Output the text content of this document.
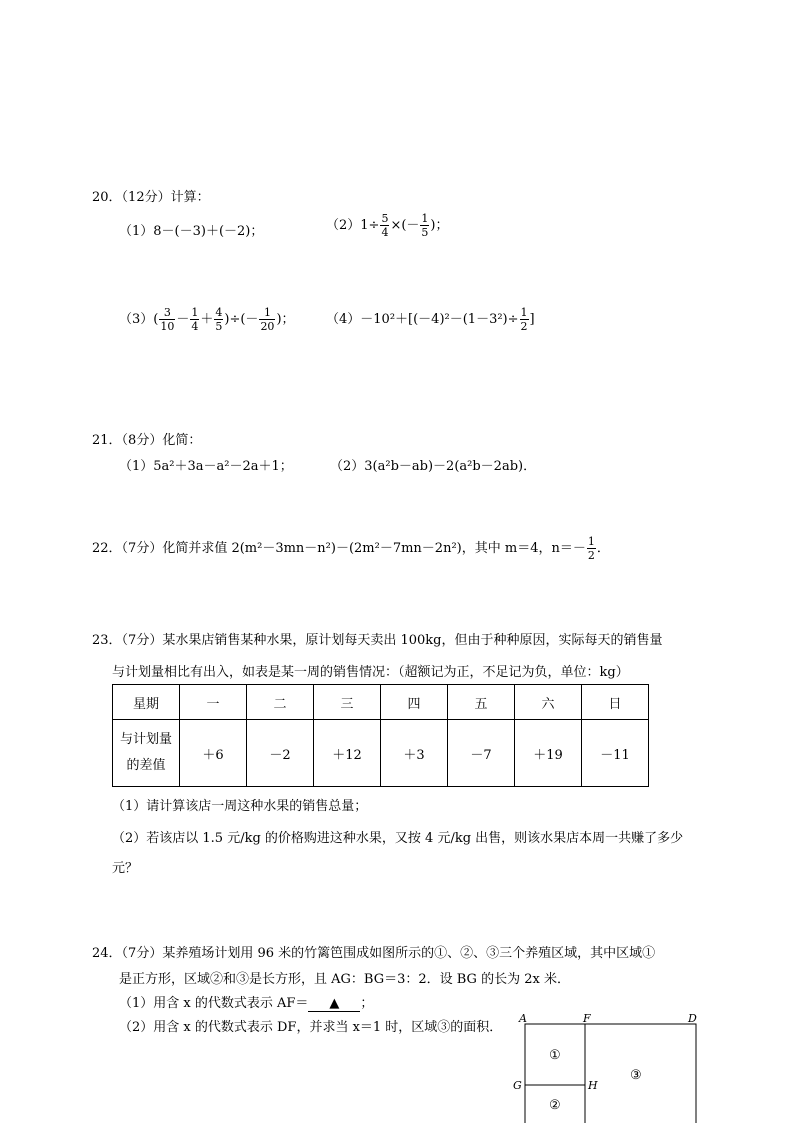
20．（12分）计算：
（1）8－(－3)＋(－2)；	$(2)1\div \frac{5}{4}$ ×(－ $\frac{1}{5}$ )；
$(3)( \frac{3}{10} - \frac{1}{4} + \frac{4}{5}$ )÷(－ $\frac{1}{20}$ )； $(4)-10^2+[(-4)^2-(1-3^2)\div \frac{1}{2}$ ]
21．（8分）化简：
（1）5a²＋3a－a²－2a＋1；	（2）3(a²b－ab)－2(a²b－2ab)．
22．（7分）化简并求值 2(m²－3mn－n²)－(2m²－7mn－2n²)，其中 m＝4，$n=- \frac{1}{2}$ ．
23．（7分）某水果店销售某种水果，原计划每天卖出 100kg，但由于种种原因，实际每天的销售量
与计划量相比有出入，如表是某一周的销售情况：（超额记为正，不足记为负，单位：kg）
星期	一	二	三	四	五	六	日

与计划量
的差值	＋6	－2	＋12	＋3	－7	＋19	－11
（1）请计算该店一周这种水果的销售总量；
（2）若该店以 1.5 元/kg 的价格购进这种水果，又按 4 元/kg 出售，则该水果店本周一共赚了多少
元？
24．（7分）某养殖场计划用 96 米的竹篱笆围成如图所示的①、②、③三个养殖区域，其中区域①
是正方形，区域②和③是长方形，且 AG：BG＝3：2．设 BG 的长为 2x 米．
（1）用含 x 的代数式表示 AF＝ ▲ ；
（2）用含 x 的代数式表示 DF，并求当 x＝1 时，区域③的面积．
A	F	D
G	H
①
②
③
